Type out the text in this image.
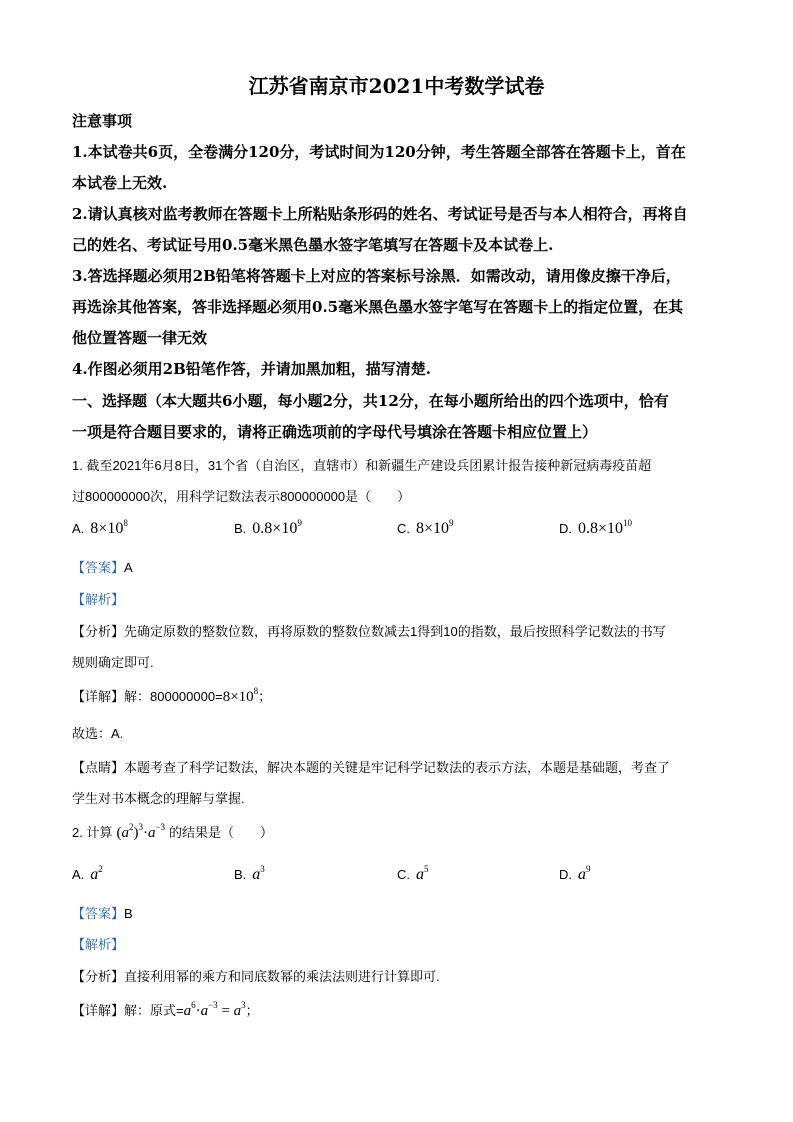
江苏省南京市2021中考数学试卷
注意事项
1.本试卷共6页，全卷满分120分，考试时间为120分钟，考生答题全部答在答题卡上，首在
本试卷上无效.
2.请认真核对监考教师在答题卡上所粘贴条形码的姓名、考试证号是否与本人相符合，再将自
己的姓名、考试证号用0.5毫米黑色墨水签字笔填写在答题卡及本试卷上.
3.答选择题必须用2B铅笔将答题卡上对应的答案标号涂黑．如需改动，请用像皮擦干净后，
再选涂其他答案，答非选择题必须用0.5毫米黑色墨水签字笔写在答题卡上的指定位置，在其
他位置答题一律无效
4.作图必须用2B铅笔作答，并请加黑加粗，描写清楚.
一、选择题（本大题共6小题，每小题2分，共12分，在每小题所给出的四个选项中，恰有
一项是符合题目要求的，请将正确选项前的字母代号填涂在答题卡相应位置上）
1. 截至2021年6月8日，31个省（自治区，直辖市）和新疆生产建设兵团累计报告接种新冠病毒疫苗超
过800000000次，用科学记数法表示800000000是（　　）
A. $8\times 10^8$	B. $0.8\times 10^9$	C. $8\times 10^9$	D. $0.8\times 10^{10}$
【答案】A
【解析】
【分析】先确定原数的整数位数，再将原数的整数位数减去1得到10的指数，最后按照科学记数法的书写
规则确定即可.
【详解】解：$800000000=8\times 10^8$；
故选：A.
【点睛】本题考查了科学记数法，解决本题的关键是牢记科学记数法的表示方法，本题是基础题，考查了
学生对书本概念的理解与掌握.
2. 计算 $(a^2)^3\cdot a^{-3}$ 的结果是（　　）
A. $a^2$	B. $a^3$	C. $a^5$	D. $a^9$
【答案】B
【解析】
【分析】直接利用幂的乘方和同底数幂的乘法法则进行计算即可.
【详解】解：原式$=a^6\cdot a^{-3} = a^3$；
